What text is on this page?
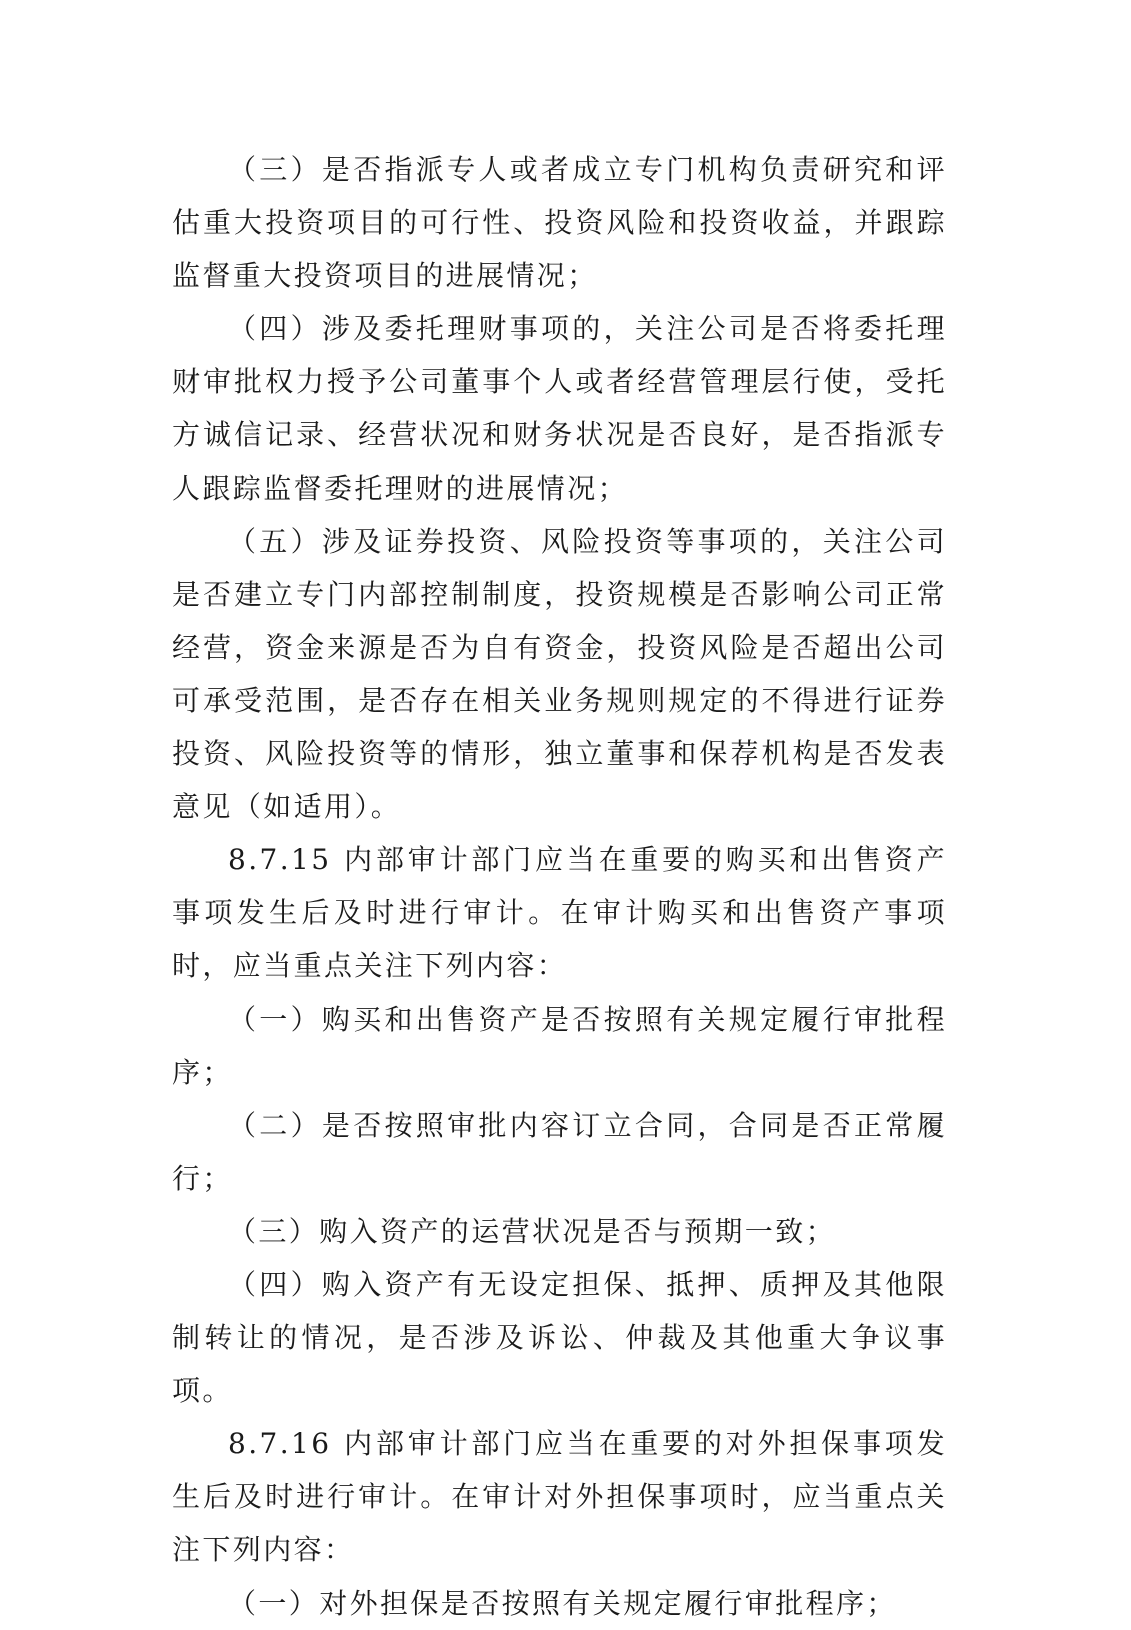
（三）是否指派专人或者成立专门机构负责研究和评估重大投资项目的可行性、投资风险和投资收益，并跟踪监督重大投资项目的进展情况；

（四）涉及委托理财事项的，关注公司是否将委托理财审批权力授予公司董事个人或者经营管理层行使，受托方诚信记录、经营状况和财务状况是否良好，是否指派专人跟踪监督委托理财的进展情况；

（五）涉及证券投资、风险投资等事项的，关注公司是否建立专门内部控制制度，投资规模是否影响公司正常经营，资金来源是否为自有资金，投资风险是否超出公司可承受范围，是否存在相关业务规则规定的不得进行证券投资、风险投资等的情形，独立董事和保荐机构是否发表意见（如适用）。

8.7.15 内部审计部门应当在重要的购买和出售资产事项发生后及时进行审计。在审计购买和出售资产事项时，应当重点关注下列内容：

（一）购买和出售资产是否按照有关规定履行审批程序；

（二）是否按照审批内容订立合同，合同是否正常履行；

（三）购入资产的运营状况是否与预期一致；

（四）购入资产有无设定担保、抵押、质押及其他限制转让的情况，是否涉及诉讼、仲裁及其他重大争议事项。

8.7.16 内部审计部门应当在重要的对外担保事项发生后及时进行审计。在审计对外担保事项时，应当重点关注下列内容：

（一）对外担保是否按照有关规定履行审批程序；
